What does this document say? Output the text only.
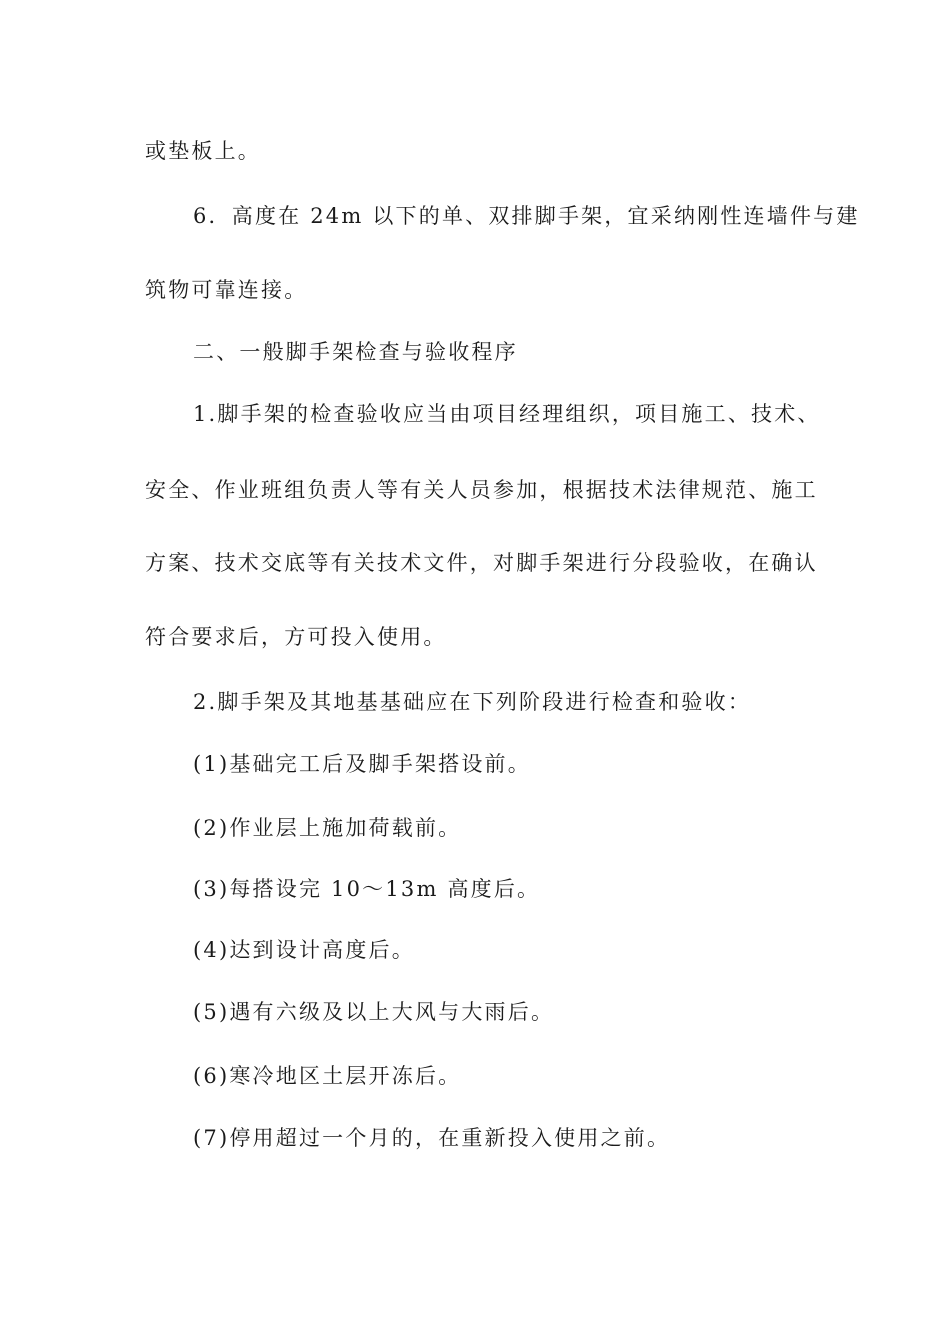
或垫板上。
6．高度在 24m 以下的单、双排脚手架，宜采纳刚性连墙件与建
筑物可靠连接。
二、一般脚手架检查与验收程序
1.脚手架的检查验收应当由项目经理组织，项目施工、技术、
安全、作业班组负责人等有关人员参加，根据技术法律规范、施工
方案、技术交底等有关技术文件，对脚手架进行分段验收，在确认
符合要求后，方可投入使用。
2.脚手架及其地基基础应在下列阶段进行检查和验收：
(1)基础完工后及脚手架搭设前。
(2)作业层上施加荷载前。
(3)每搭设完 10～13m 高度后。
(4)达到设计高度后。
(5)遇有六级及以上大风与大雨后。
(6)寒冷地区土层开冻后。
(7)停用超过一个月的，在重新投入使用之前。
